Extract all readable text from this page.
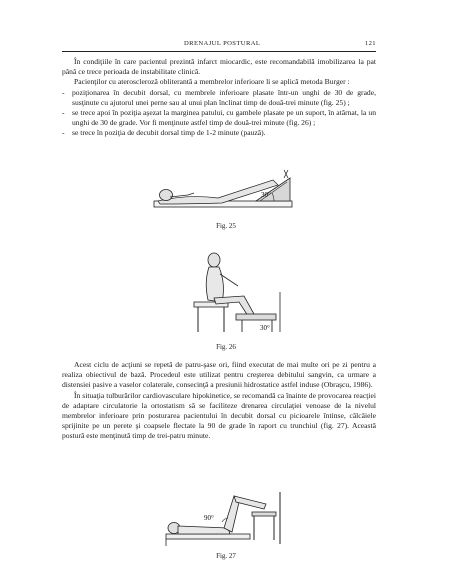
DRENAJUL POSTURAL	121

În condiţiile în care pacientul prezintă infarct miocardic, este recomandabilă imobilizarea la pat până ce trece perioada de instabilitate clinică.

Pacienţilor cu ateroscleroză obliterantă a membrelor inferioare li se aplică metoda Burger :

- poziţionarea în decubit dorsal, cu membrele inferioare plasate într-un unghi de 30 de grade, susţinute cu ajutorul unei perne sau al unui plan înclinat timp de două-trei minute (fig. 25) ;
- se trece apoi în poziţia aşezat la marginea patului, cu gambele plasate pe un suport, în atârnat, la un unghi de 30 de grade. Vor fi menţinute astfel timp de două-trei minute (fig. 26) ;
- se trece în poziţia de decubit dorsal timp de 1-2 minute (pauză).
30°
Fig. 25
30°
Fig. 26

Acest ciclu de acţiuni se repetă de patru-şase ori, fiind executat de mai multe ori pe zi pentru a realiza obiectivul de bază. Procedeul este utilizat pentru creşterea debitului sangvin, ca urmare a distensiei pasive a vaselor colaterale, consecinţă a presiunii hidrostatice astfel induse (Obraşcu, 1986).

În situaţia tulburărilor cardiovasculare hipokinetice, se recomandă ca înainte de provocarea reacţiei de adaptare circulatorie la ortostatism să se faciliteze drenarea circulaţiei venoase de la nivelul membrelor inferioare prin posturarea pacientului în decubit dorsal cu picioarele întinse, călcâiele sprijinite pe un perete şi coapsele flectate la 90 de grade în raport cu trunchiul (fig. 27). Această postură este menţinută timp de trei-patru minute.

90°
Fig. 27
